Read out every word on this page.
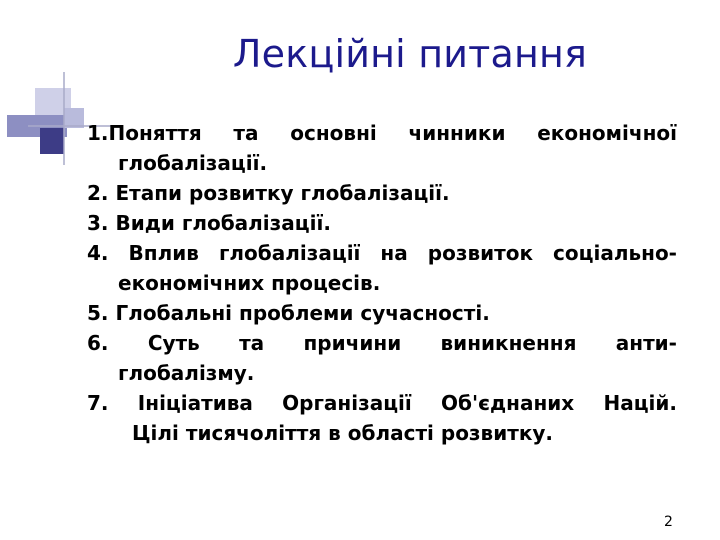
Лекційні питання
1.Поняття та основні чинники економічної
глобалізації.
2. Етапи розвитку глобалізації.
3. Види глобалізації.
4. Вплив глобалізації на розвиток соціально-
економічних процесів.
5. Глобальні проблеми сучасності.
6. Суть та причини виникнення анти-
глобалізму.
7. Ініціатива Організації Об'єднаних Націй.
Цілі тисячоліття в області розвитку.
2
